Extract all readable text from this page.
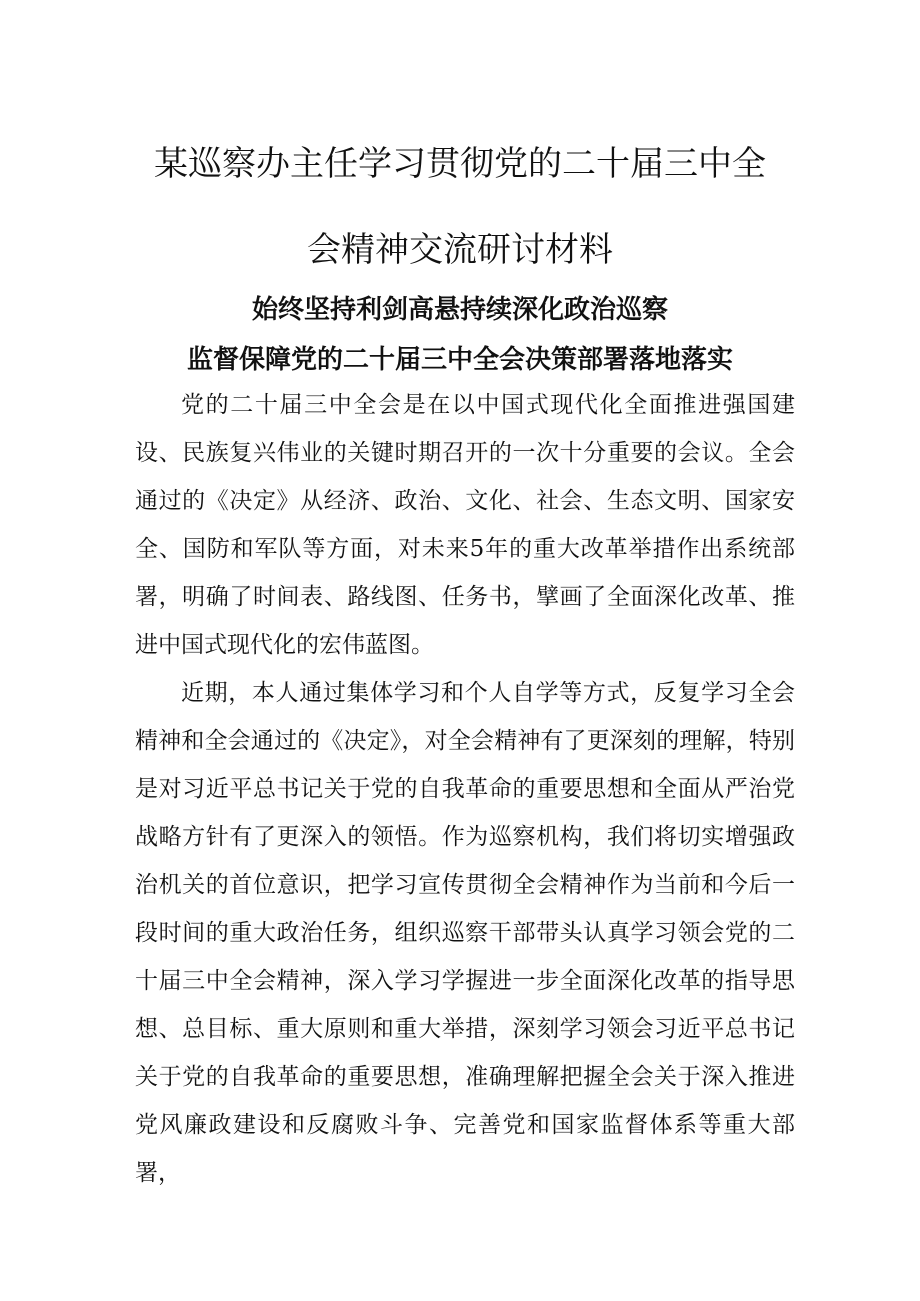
某巡察办主任学习贯彻党的二十届三中全
会精神交流研讨材料
始终坚持利剑高悬持续深化政治巡察
监督保障党的二十届三中全会决策部署落地落实

党的二十届三中全会是在以中国式现代化全面推进强国建设、民族复兴伟业的关键时期召开的一次十分重要的会议。全会通过的《决定》从经济、政治、文化、社会、生态文明、国家安全、国防和军队等方面，对未来5年的重大改革举措作出系统部署，明确了时间表、路线图、任务书，擘画了全面深化改革、推进中国式现代化的宏伟蓝图。

近期，本人通过集体学习和个人自学等方式，反复学习全会精神和全会通过的《决定》，对全会精神有了更深刻的理解，特别是对习近平总书记关于党的自我革命的重要思想和全面从严治党战略方针有了更深入的领悟。作为巡察机构，我们将切实增强政治机关的首位意识，把学习宣传贯彻全会精神作为当前和今后一段时间的重大政治任务，组织巡察干部带头认真学习领会党的二十届三中全会精神，深入学习学握进一步全面深化改革的指导思想、总目标、重大原则和重大举措，深刻学习领会习近平总书记关于党的自我革命的重要思想，准确理解把握全会关于深入推进党风廉政建设和反腐败斗争、完善党和国家监督体系等重大部署，
